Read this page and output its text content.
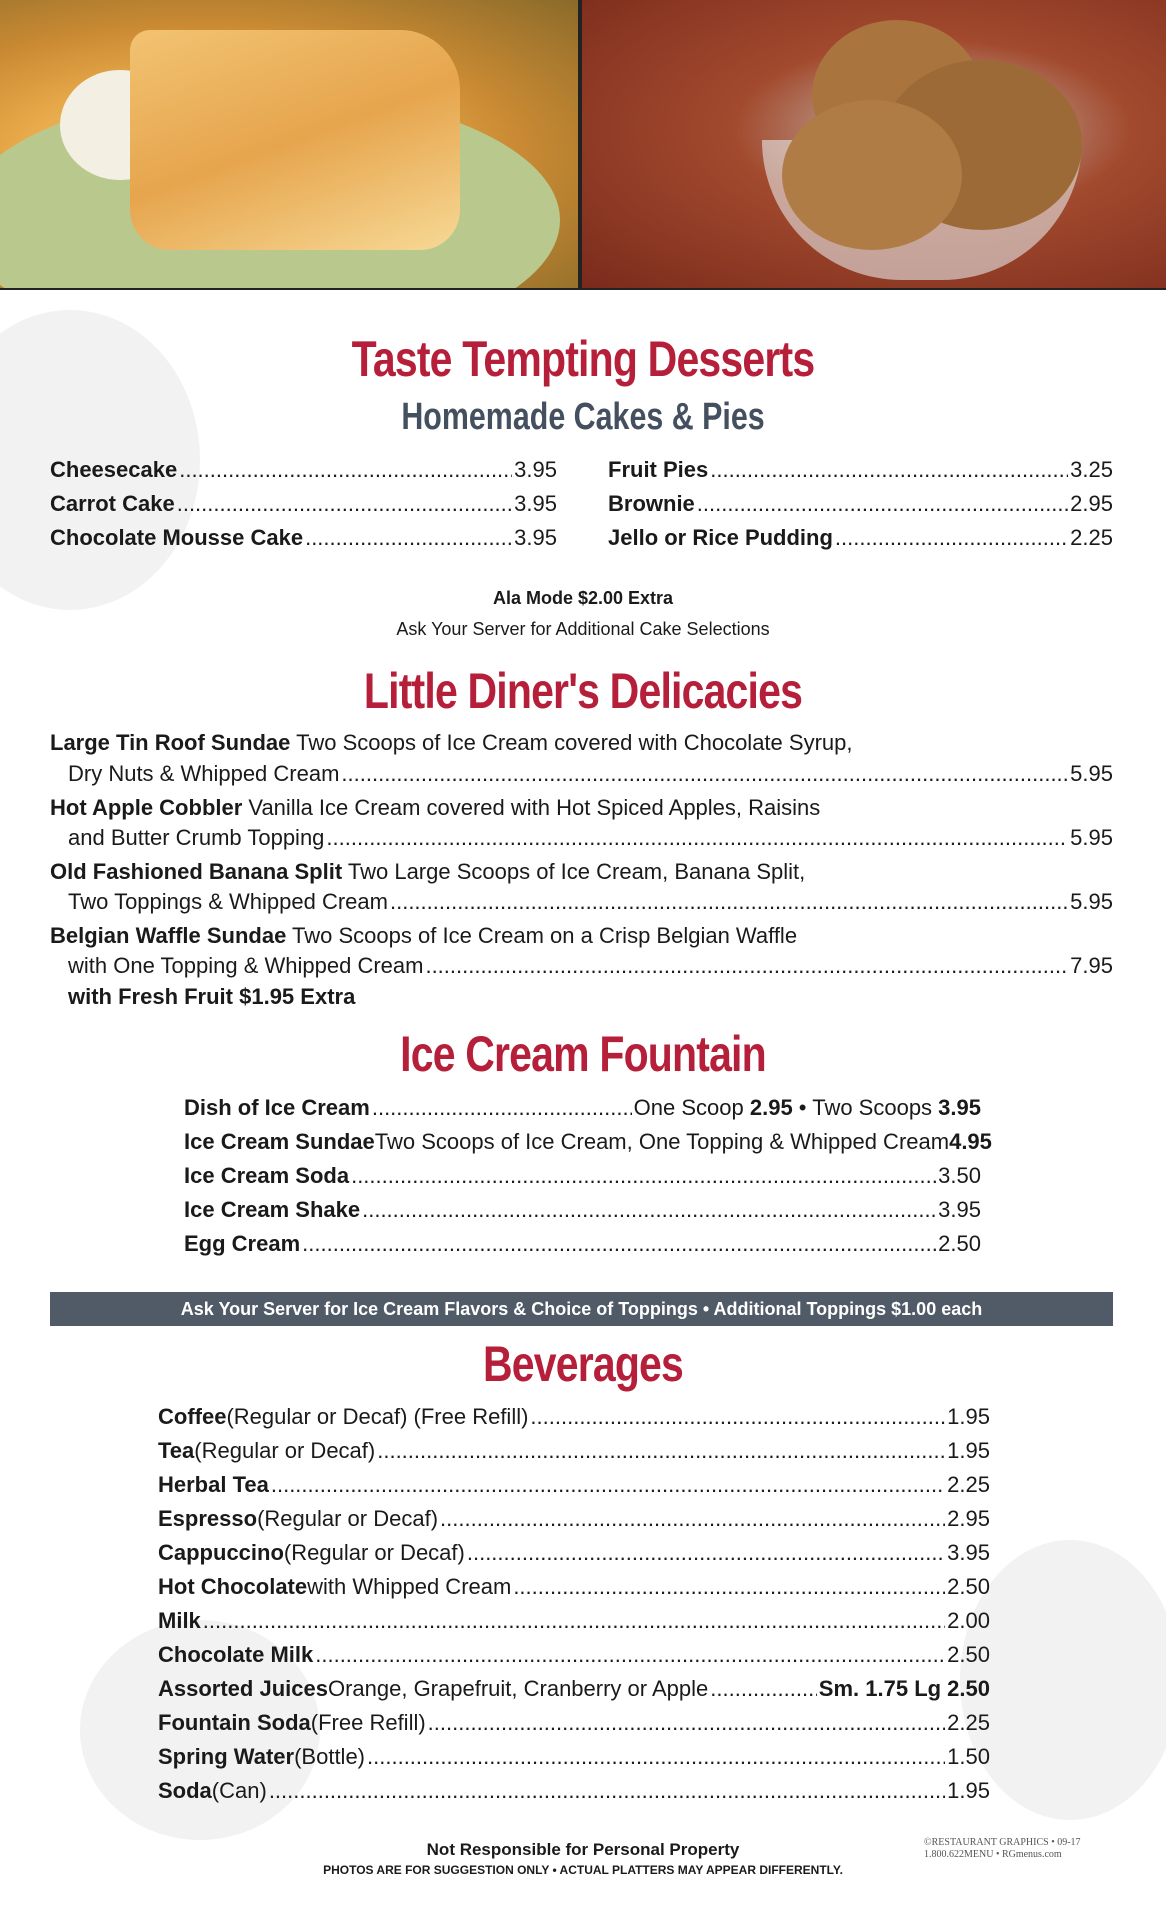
Taste Tempting Desserts
Homemade Cakes & Pies
Cheesecake .....	3.95
Carrot Cake .....	3.95
Chocolate Mousse Cake .....	3.95
Fruit Pies .....	3.25
Brownie .....	2.95
Jello or Rice Pudding .....	2.25
Ala Mode $2.00 Extra
Ask Your Server for Additional Cake Selections
Little Diner's Delicacies
Large Tin Roof Sundae Two Scoops of Ice Cream covered with Chocolate Syrup,
Dry Nuts & Whipped Cream .....	5.95
Hot Apple Cobbler Vanilla Ice Cream covered with Hot Spiced Apples, Raisins
and Butter Crumb Topping .....	5.95
Old Fashioned Banana Split Two Large Scoops of Ice Cream, Banana Split,
Two Toppings & Whipped Cream .....	5.95
Belgian Waffle Sundae Two Scoops of Ice Cream on a Crisp Belgian Waffle
with One Topping & Whipped Cream .....	7.95
with Fresh Fruit $1.95 Extra
Ice Cream Fountain
Dish of Ice Cream .....	One Scoop 2.95 • Two Scoops 3.95
Ice Cream Sundae Two Scoops of Ice Cream, One Topping & Whipped Cream 4.95
Ice Cream Soda .....	3.50
Ice Cream Shake .....	3.95
Egg Cream .....	2.50
Ask Your Server for Ice Cream Flavors & Choice of Toppings • Additional Toppings $1.00 each
Beverages
Coffee (Regular or Decaf) (Free Refill) .....	1.95
Tea (Regular or Decaf) .....	1.95
Herbal Tea .....	2.25
Espresso (Regular or Decaf) .....	2.95
Cappuccino (Regular or Decaf) .....	3.95
Hot Chocolate with Whipped Cream .....	2.50
Milk .....	2.00
Chocolate Milk .....	2.50
Assorted Juices Orange, Grapefruit, Cranberry or Apple .....	Sm. 1.75 Lg 2.50
Fountain Soda (Free Refill) .....	2.25
Spring Water (Bottle) .....	1.50
Soda (Can) .....	1.95
Not Responsible for Personal Property
PHOTOS ARE FOR SUGGESTION ONLY • ACTUAL PLATTERS MAY APPEAR DIFFERENTLY.
©RESTAURANT GRAPHICS • 09-17
1.800.622MENU • RGmenus.com
